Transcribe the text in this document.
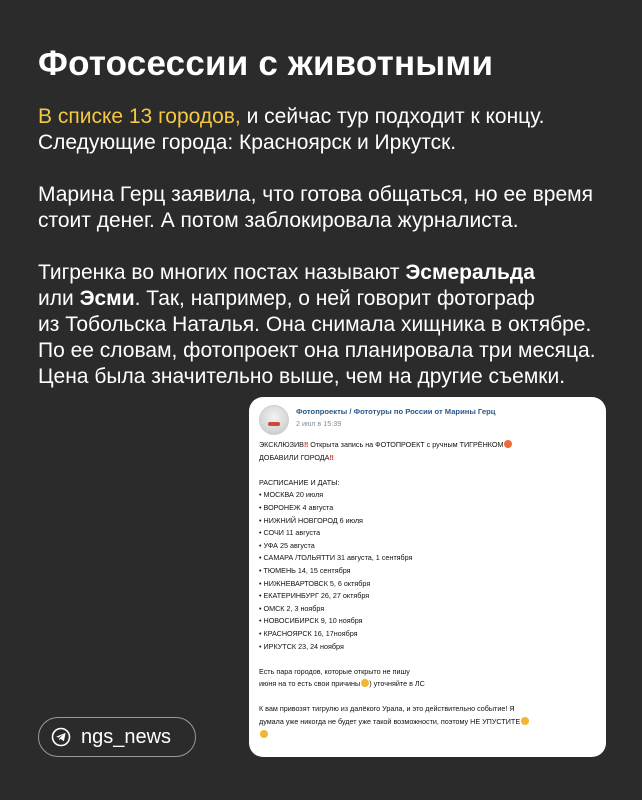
Фотосессии с животными

В списке 13 городов, и сейчас тур подходит к концу.
Следующие города: Красноярск и Иркутск.

Марина Герц заявила, что готова общаться, но ее время
стоит денег. А потом заблокировала журналиста.

Тигренка во многих постах называют Эсмеральда
или Эсми. Так, например, о ней говорит фотограф
из Тобольска Наталья. Она снимала хищника в октябре.
По ее словам, фотопроект она планировала три месяца.
Цена была значительно выше, чем на другие съемки.

Фотопроекты / Фототуры по России от Марины Герц
2 июл в 15:39
ЭКСКЛЮЗИВ‼ Открыта запись на ФОТОПРОЕКТ с ручным ТИГРЁНКОМ
ДОБАВИЛИ ГОРОДА‼
РАСПИСАНИЕ И ДАТЫ:
• МОСКВА 20 июля
• ВОРОНЕЖ 4 августа
• НИЖНИЙ НОВГОРОД 6 июля
• СОЧИ 11 августа
• УФА 25 августа
• САМАРА /ТОЛЬЯТТИ 31 августа, 1 сентября
• ТЮМЕНЬ 14, 15 сентября
• НИЖНЕВАРТОВСК 5, 6 октября
• ЕКАТЕРИНБУРГ 26, 27 октября
• ОМСК 2, 3 ноября
• НОВОСИБИРСК 9, 10 ноября
• КРАСНОЯРСК 16, 17ноября
• ИРКУТСК 23, 24 ноября
Есть пара городов, которые открыто не пишу
июня на то есть свои причины ) уточняйте в ЛС
К вам привозят тигрулю из далёкого Урала, и это действительно событие! Я
думала уже никогда не будет уже такой возможности, поэтому НЕ УПУСТИТЕ
ngs_news
